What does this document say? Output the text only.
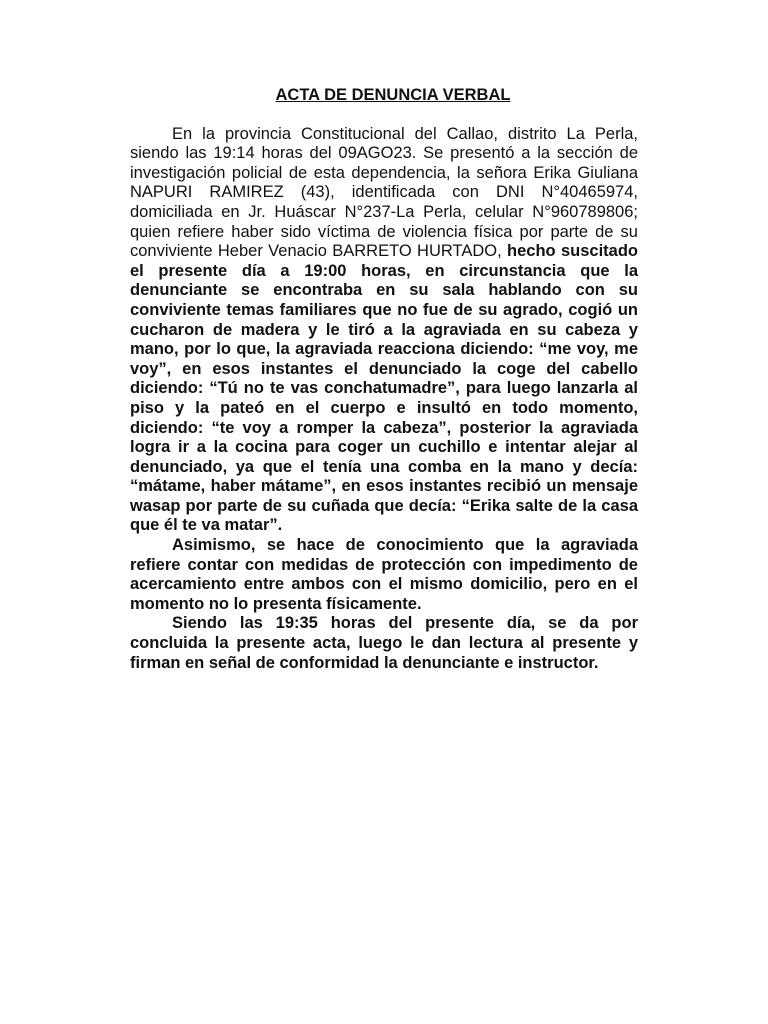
ACTA DE DENUNCIA VERBAL

En la provincia Constitucional del Callao, distrito La Perla, siendo las 19:14 horas del 09AGO23. Se presentó a la sección de investigación policial de esta dependencia, la señora Erika Giuliana NAPURI RAMIREZ (43), identificada con DNI N°40465974, domiciliada en Jr. Huáscar N°237-La Perla, celular N°960789806; quien refiere haber sido víctima de violencia física por parte de su conviviente Heber Venacio BARRETO HURTADO, hecho suscitado el presente día a 19:00 horas, en circunstancia que la denunciante se encontraba en su sala hablando con su conviviente temas familiares que no fue de su agrado, cogió un cucharon de madera y le tiró a la agraviada en su cabeza y mano, por lo que, la agraviada reacciona diciendo: “me voy, me voy”, en esos instantes el denunciado la coge del cabello diciendo: “Tú no te vas conchatumadre”, para luego lanzarla al piso y la pateó en el cuerpo e insultó en todo momento, diciendo: “te voy a romper la cabeza”, posterior la agraviada logra ir a la cocina para coger un cuchillo e intentar alejar al denunciado, ya que el tenía una comba en la mano y decía: “mátame, haber mátame”, en esos instantes recibió un mensaje wasap por parte de su cuñada que decía: “Erika salte de la casa que él te va matar”.

Asimismo, se hace de conocimiento que la agraviada refiere contar con medidas de protección con impedimento de acercamiento entre ambos con el mismo domicilio, pero en el momento no lo presenta físicamente.

Siendo las 19:35 horas del presente día, se da por concluida la presente acta, luego le dan lectura al presente y firman en señal de conformidad la denunciante e instructor.
